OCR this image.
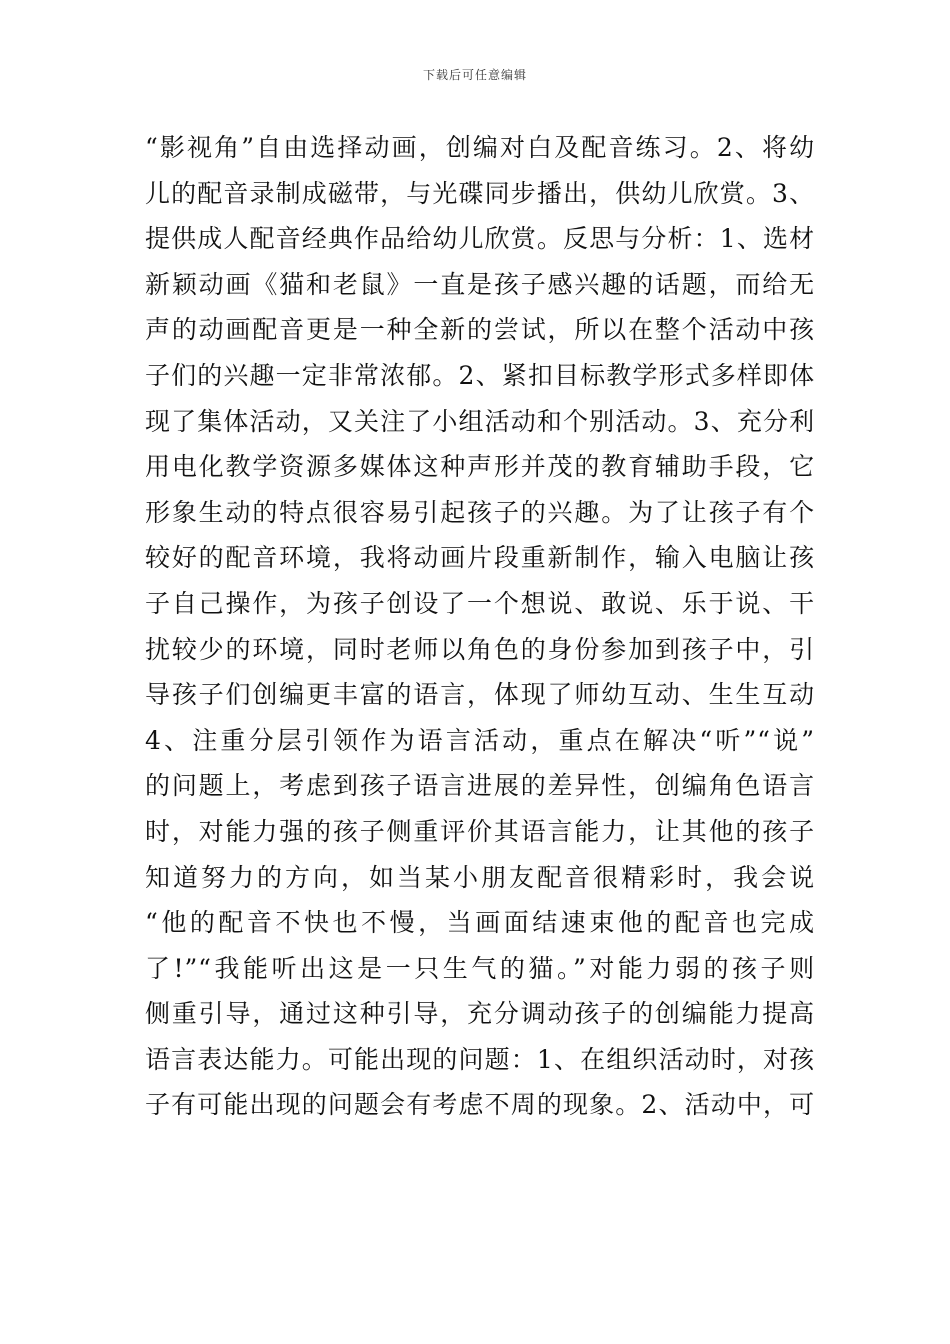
下载后可任意编辑
“影视角”自由选择动画，创编对白及配音练习。2、将幼
儿的配音录制成磁带，与光碟同步播出，供幼儿欣赏。3、
提供成人配音经典作品给幼儿欣赏。反思与分析：1、选材
新颖动画《猫和老鼠》一直是孩子感兴趣的话题，而给无
声的动画配音更是一种全新的尝试，所以在整个活动中孩
子们的兴趣一定非常浓郁。2、紧扣目标教学形式多样即体
现了集体活动，又关注了小组活动和个别活动。3、充分利
用电化教学资源多媒体这种声形并茂的教育辅助手段，它
形象生动的特点很容易引起孩子的兴趣。为了让孩子有个
较好的配音环境，我将动画片段重新制作，输入电脑让孩
子自己操作，为孩子创设了一个想说、敢说、乐于说、干
扰较少的环境，同时老师以角色的身份参加到孩子中，引
导孩子们创编更丰富的语言，体现了师幼互动、生生互动
4、注重分层引领作为语言活动，重点在解决“听”“说”
的问题上，考虑到孩子语言进展的差异性，创编角色语言
时，对能力强的孩子侧重评价其语言能力，让其他的孩子
知道努力的方向，如当某小朋友配音很精彩时，我会说
“他的配音不快也不慢，当画面结速束他的配音也完成
了!”“我能听出这是一只生气的猫。”对能力弱的孩子则
侧重引导，通过这种引导，充分调动孩子的创编能力提高
语言表达能力。可能出现的问题：1、在组织活动时，对孩
子有可能出现的问题会有考虑不周的现象。2、活动中，可
